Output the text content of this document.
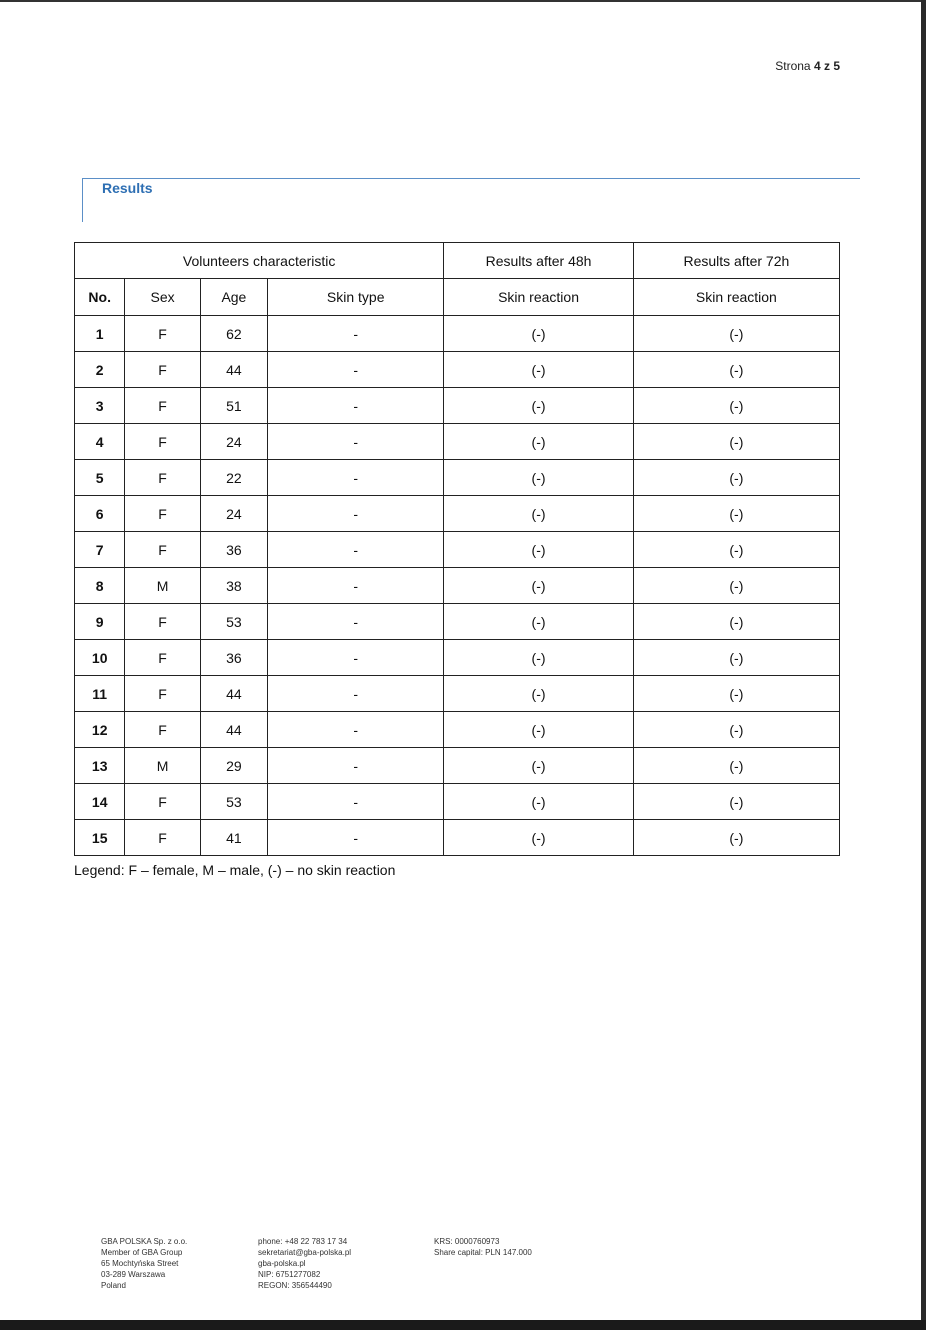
Strona 4 z 5
Results
Volunteers characteristic				Results after 48h	Results after 72h
No.	Sex	Age	Skin type	Skin reaction	Skin reaction
1	F	62	-	(-)	(-)
2	F	44	-	(-)	(-)
3	F	51	-	(-)	(-)
4	F	24	-	(-)	(-)
5	F	22	-	(-)	(-)
6	F	24	-	(-)	(-)
7	F	36	-	(-)	(-)
8	M	38	-	(-)	(-)
9	F	53	-	(-)	(-)
10	F	36	-	(-)	(-)
11	F	44	-	(-)	(-)
12	F	44	-	(-)	(-)
13	M	29	-	(-)	(-)
14	F	53	-	(-)	(-)
15	F	41	-	(-)	(-)
Legend: F – female, M – male, (-) – no skin reaction
GBA POLSKA Sp. z o.o.
Member of GBA Group
65 Mochtyńska Street
03-289 Warszawa
Poland
phone: +48 22 783 17 34
sekretariat@gba-polska.pl
gba-polska.pl
NIP: 6751277082
REGON: 356544490
KRS: 0000760973
Share capital: PLN 147.000
